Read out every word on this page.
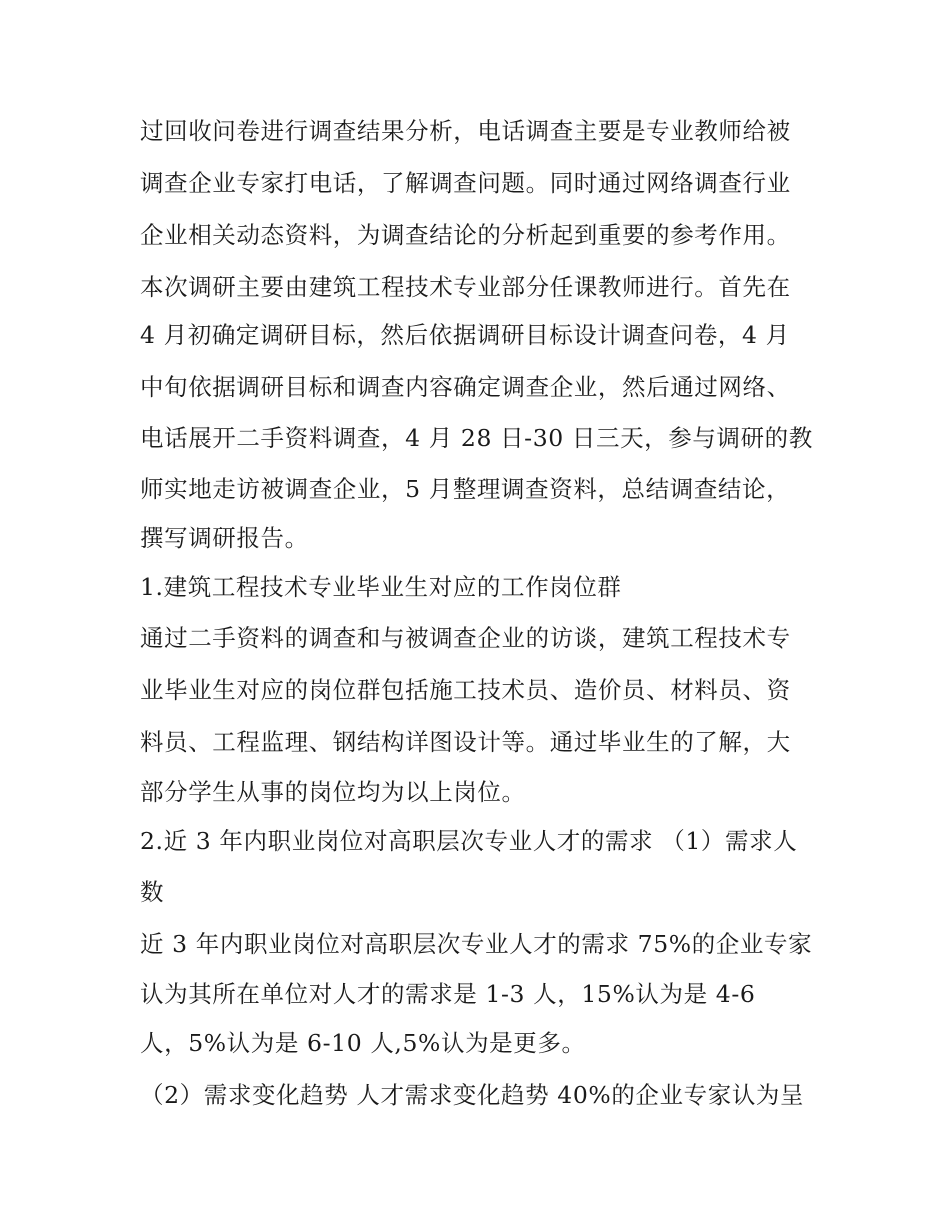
过回收问卷进行调查结果分析，电话调查主要是专业教师给被
调查企业专家打电话，了解调查问题。同时通过网络调查行业
企业相关动态资料，为调查结论的分析起到重要的参考作用。
本次调研主要由建筑工程技术专业部分任课教师进行。首先在
4 月初确定调研目标，然后依据调研目标设计调查问卷，4 月
中旬依据调研目标和调查内容确定调查企业，然后通过网络、
电话展开二手资料调查，4 月 28 日-30 日三天，参与调研的教
师实地走访被调查企业，5 月整理调查资料，总结调查结论，
撰写调研报告。
1.建筑工程技术专业毕业生对应的工作岗位群
通过二手资料的调查和与被调查企业的访谈，建筑工程技术专
业毕业生对应的岗位群包括施工技术员、造价员、材料员、资
料员、工程监理、钢结构详图设计等。通过毕业生的了解，大
部分学生从事的岗位均为以上岗位。
2.近 3 年内职业岗位对高职层次专业人才的需求 （1）需求人
数
近 3 年内职业岗位对高职层次专业人才的需求 75%的企业专家
认为其所在单位对人才的需求是 1-3 人，15%认为是 4-6
人，5%认为是 6-10 人,5%认为是更多。
（2）需求变化趋势 人才需求变化趋势 40%的企业专家认为呈
